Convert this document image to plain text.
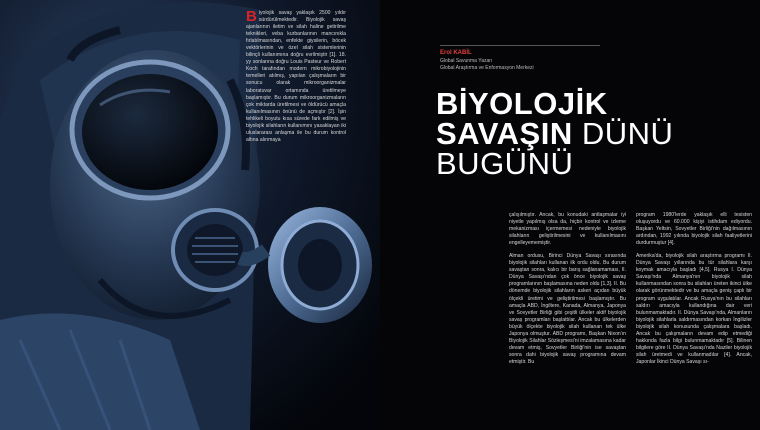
Biyolojik savaş yaklaşık 2500 yıldır sürdürülmektedir. Biyolojik savaş ajanlarının iletim ve silah haline getirilme teknikleri, veba kurbanlarının mancınıkla fırlatılmasından, enfekte giysilerin, böcek vektörlerinin ve özel silah sistemlerinin bilinçli kullanımına doğru evrilmiştir [1]. 18. yy sonlarına doğru Louis Pasteur ve Robert Koch tarafından modern mikrobiyolojinin temelleri atılmış, yapılan çalışmaların bir sonucu olarak mikroorganizmalar laboratuvar ortamında üretilmeye başlamıştır. Bu durum mikroorganizmaların çok miktarda üretilmesi ve öldürücü amaçla kullanılmasının önünü de açmıştır [2]. İşin tehlikeli boyutu kısa sürede fark edilmiş ve biyolojik silahların kullanımını yasaklayan iki uluslararası anlaşma ile bu durum kontrol altına alınmaya
Erol KABİL
Global Savunma Yazarı
Global Araştırma ve Enformasyon Merkezi
BİYOLOJİK
SAVAŞIN DÜNÜ
BUGÜNÜ

çalışılmıştır. Ancak, bu konudaki antlaşmalar iyi niyetle yapılmış olsa da, hiçbir kontrol ve izleme mekanizması içermemesi nedeniyle biyolojik silahların geliştirilmesini ve kullanılmasını engelleyememiştir.

Alman ordusu, Birinci Dünya Savaşı sırasında biyolojik silahları kullanan ilk ordu oldu. Bu durum savaştan sonra, kalıcı bir barış sağlanamaması, II. Dünya Savaşı'ndan çok önce biyolojik savaş programlarının başlamasına neden oldu [1,3]. II. Bu dönemde biyolojik silahların askeri açıdan büyük ölçekli üretimi ve geliştirilmesi başlamıştır. Bu amaçla ABD, İngiltere, Kanada, Almanya, Japonya ve Sovyetler Birliği gibi çeşitli ülkeler aktif biyolojik savaş programları başlattılar. Ancak bu ülkelerden büyük ölçekte biyolojik silah kullanan tek ülke Japonya olmuştur. ABD programı, Başkan Nixon'ın Biyolojik Silahlar Sözleşmesi'ni imzalamasına kadar devam etmiş, Sovyetler Birliği'nin ise savaştan sonra dahi biyolojik savaş programına devam etmiştir. Bu

program 1980'lerde yaklaşık elli tesisten oluşuyordu ve 60.000 kişiyi istihdam ediyordu. Başkan Yeltsin, Sovyetler Birliği'nin dağılmasının ardından, 1992 yılında biyolojik silah faaliyetlerini durdurmuştur [4].

Amerika'da, biyolojik silah araştırma programı II. Dünya Savaşı yıllarında bu tür silahlara karşı koymak amacıyla başladı [4,5]. Rusya I. Dünya Savaşı'nda Almanya'nın biyolojik silah kullanmasından sonra bu silahları üreten ikinci ülke olarak görünmektedir ve bu amaçla geniş çaplı bir program uygulatılar. Ancak Rusya'nın bu silahları saldırı amacıyla kullandığına dair veri bulunmamaktadır. II. Dünya Savaşı'nda, Almanların biyolojik silahlarla saldırmasından korkan İngilizler biyolojik silah konusunda çalışmalara başladı. Ancak bu çalışmaların devam edip etmediği hakkında fazla bilgi bulunmamaktadır [5]. Bilinen bilgilere göre II. Dünya Savaşı'nda Naziler biyolojik silah üretmedi ve kullanmadılar [4]. Ancak, Japonlar İkinci Dünya Savaşı sı-
